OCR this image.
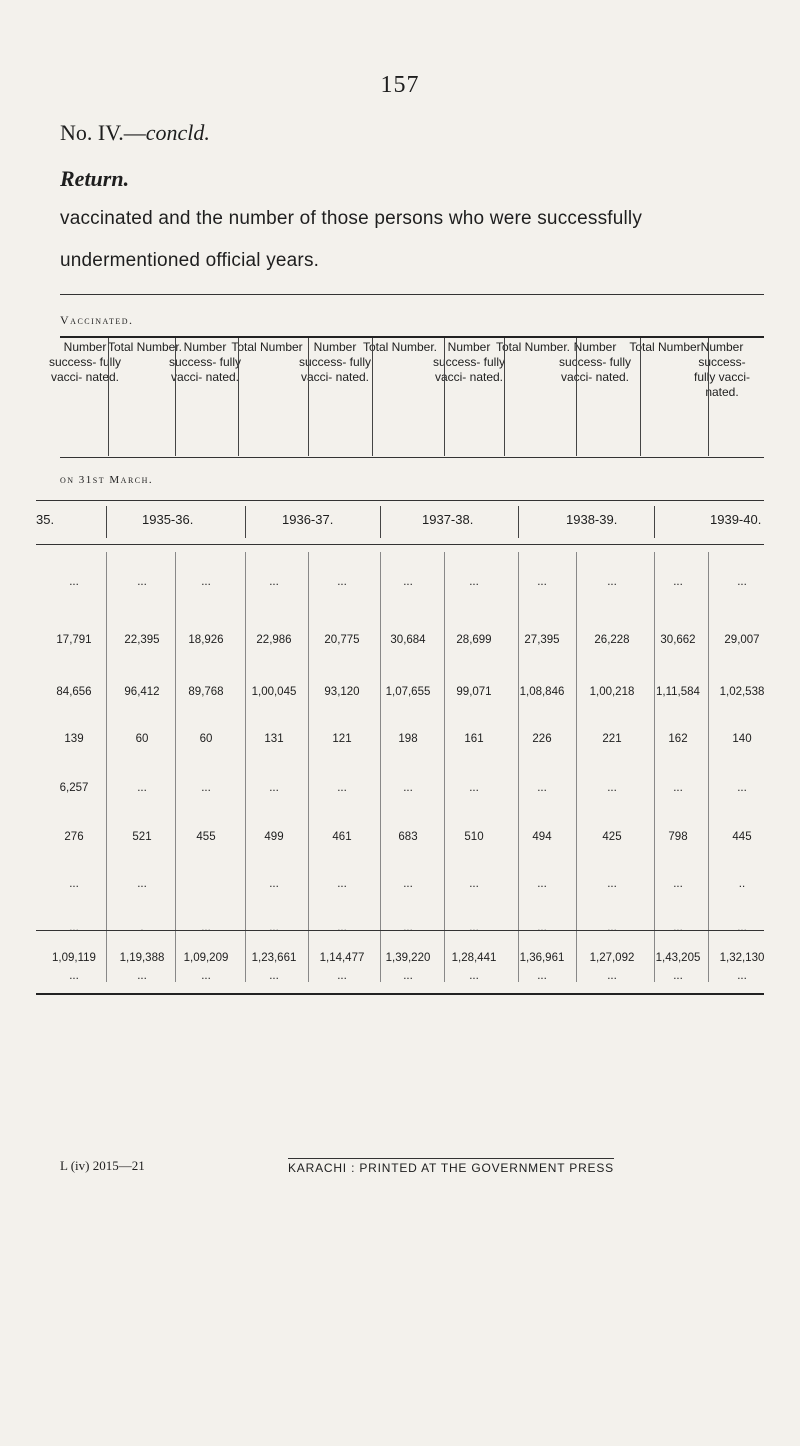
157
No. IV.—concld.
Return.
vaccinated and the number of those persons who were successfully
undermentioned official years.
Vaccinated.
Number success- fully vacci- nated.
Total Number. Number success- fully vacci- nated.
Total Number Number success- fully vacci- nated.
Total Number. Number success- fully vacci- nated.
Total Number. Number success- fully vacci- nated.
Total Number Number success- fully vacci- nated.
on 31st March.
35.	1935-36.	1936-37.	1937-38.	1938-39.	1939-40.
...	...	...	...	...	...	...	...	...	...	...
17,791	22,395	18,926	22,986	20,775	30,684	28,699	27,395	26,228	30,662	29,007
84,656	96,412	89,768	1,00,045	93,120	1,07,655	99,071	1,08,846	1,00,218	1,11,584	1,02,538
139	60	60	131	121	198	161	226	221	162	140
6,257	...	...	...	...	...	...	...	...	...	...
276	521	455	499	461	683	510	494	425	798	445
...	...	...	...	...	...	...	...	...	..
...	.	...	...	...	...	...	...	...	...	...
...	...	...	...	...	...	...	...	...	...	...
1,09,119	1,19,388	1,09,209	1,23,661	1,14,477	1,39,220	1,28,441	1,36,961	1,27,092	1,43,205	1,32,130
L (iv) 2015—21	KARACHI : PRINTED AT THE GOVERNMENT PRESS
